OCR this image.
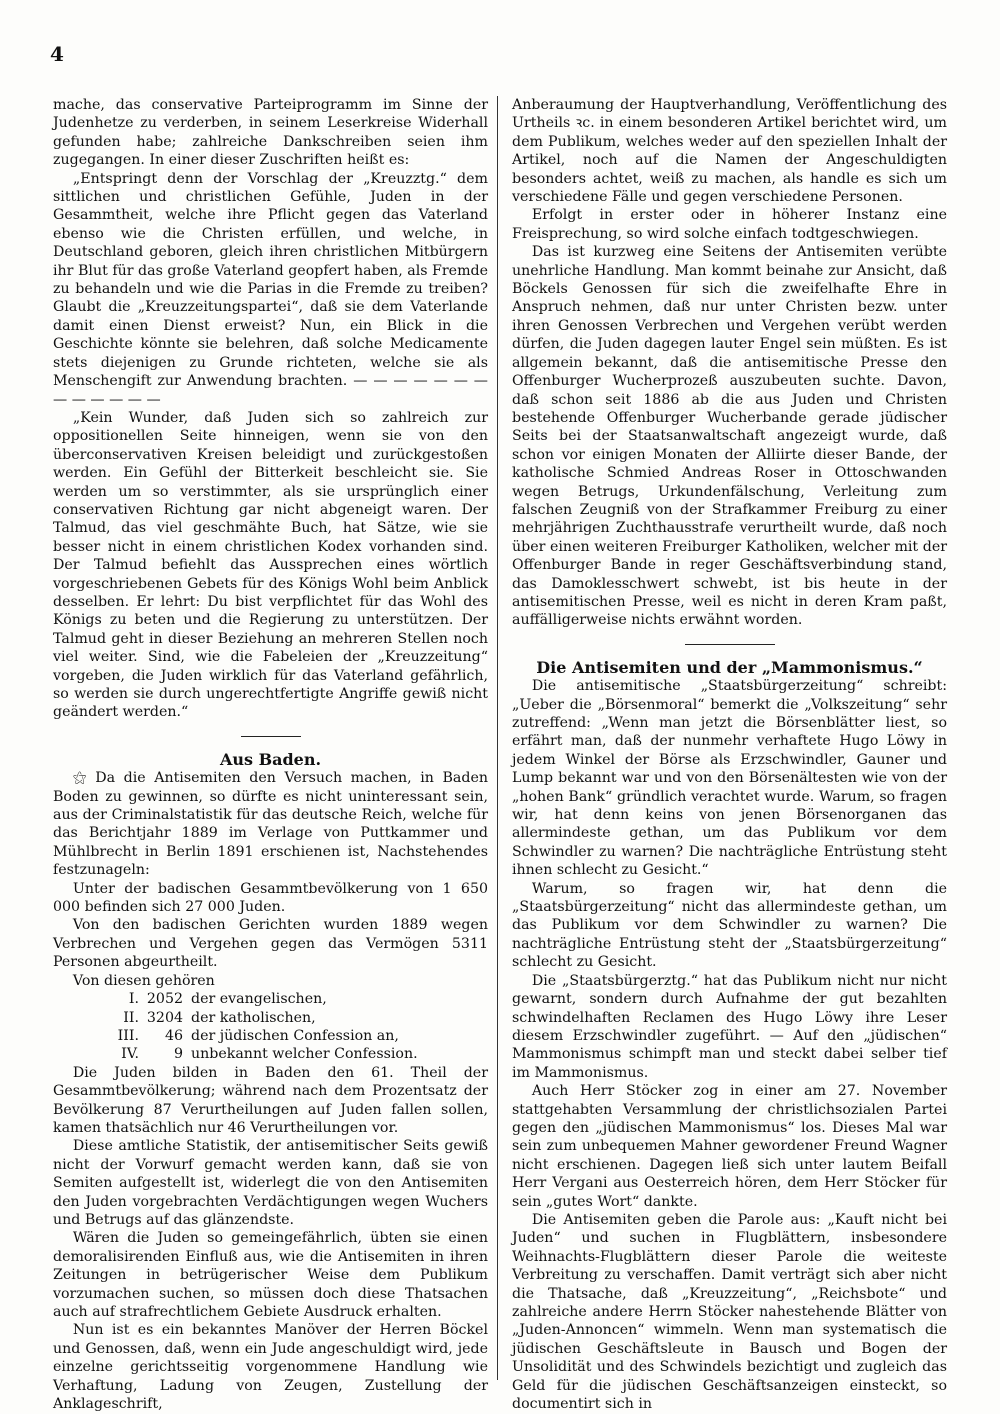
4

mache, das conservative Parteiprogramm im Sinne der Judenhetze zu verderben, in seinem Leserkreise Widerhall gefunden habe; zahlreiche Dankschreiben seien ihm zugegangen. In einer dieser Zuschriften heißt es:

„Entspringt denn der Vorschlag der „Kreuzztg.“ dem sittlichen und christlichen Gefühle, Juden in der Gesammtheit, welche ihre Pflicht gegen das Vaterland ebenso wie die Christen erfüllen, und welche, in Deutschland geboren, gleich ihren christlichen Mitbürgern ihr Blut für das große Vaterland geopfert haben, als Fremde zu behandeln und wie die Parias in die Fremde zu treiben? Glaubt die „Kreuzzeitungspartei“, daß sie dem Vaterlande damit einen Dienst erweist? Nun, ein Blick in die Geschichte könnte sie belehren, daß solche Medicamente stets diejenigen zu Grunde richteten, welche sie als Menschengift zur Anwendung brachten. — — — — — — — — — — — — —

„Kein Wunder, daß Juden sich so zahlreich zur oppositionellen Seite hinneigen, wenn sie von den überconservativen Kreisen beleidigt und zurückgestoßen werden. Ein Gefühl der Bitterkeit beschleicht sie. Sie werden um so verstimmter, als sie ursprünglich einer conservativen Richtung gar nicht abgeneigt waren. Der Talmud, das viel geschmähte Buch, hat Sätze, wie sie besser nicht in einem christlichen Kodex vorhanden sind. Der Talmud befiehlt das Aussprechen eines wörtlich vorgeschriebenen Gebets für des Königs Wohl beim Anblick desselben. Er lehrt: Du bist verpflichtet für das Wohl des Königs zu beten und die Regierung zu unterstützen. Der Talmud geht in dieser Beziehung an mehreren Stellen noch viel weiter. Sind, wie die Fabeleien der „Kreuzzeitung“ vorgeben, die Juden wirklich für das Vaterland gefährlich, so werden sie durch ungerechtfertigte Angriffe gewiß nicht geändert werden.“

Aus Baden.

⚝ Da die Antisemiten den Versuch machen, in Baden Boden zu gewinnen, so dürfte es nicht uninteressant sein, aus der Criminalstatistik für das deutsche Reich, welche für das Berichtjahr 1889 im Verlage von Puttkammer und Mühlbrecht in Berlin 1891 erschienen ist, Nachstehendes festzunageln:

Unter der badischen Gesammtbevölkerung von 1 650 000 befinden sich 27 000 Juden.

Von den badischen Gerichten wurden 1889 wegen Verbrechen und Vergehen gegen das Vermögen 5311 Personen abgeurtheilt.

Von diesen gehören

I. 2052 der evangelischen,
II. 3204 der katholischen,
III.	46 der jüdischen Confession an,
IV.	9 unbekannt welcher Confession.

Die Juden bilden in Baden den 61. Theil der Gesammtbevölkerung; während nach dem Prozentsatz der Bevölkerung 87 Verurtheilungen auf Juden fallen sollen, kamen thatsächlich nur 46 Verurtheilungen vor.

Diese amtliche Statistik, der antisemitischer Seits gewiß nicht der Vorwurf gemacht werden kann, daß sie von Semiten aufgestellt ist, widerlegt die von den Antisemiten den Juden vorgebrachten Verdächtigungen wegen Wuchers und Betrugs auf das glänzendste.

Wären die Juden so gemeingefährlich, übten sie einen demoralisirenden Einfluß aus, wie die Antisemiten in ihren Zeitungen in betrügerischer Weise dem Publikum vorzumachen suchen, so müssen doch diese Thatsachen auch auf strafrechtlichem Gebiete Ausdruck erhalten.

Nun ist es ein bekanntes Manöver der Herren Böckel und Genossen, daß, wenn ein Jude angeschuldigt wird, jede einzelne gerichtsseitig vorgenommene Handlung wie Verhaftung, Ladung von Zeugen, Zustellung der Anklageschrift,

Anberaumung der Hauptverhandlung, Veröffentlichung des Urtheils ꝛc. in einem besonderen Artikel berichtet wird, um dem Publikum, welches weder auf den speziellen Inhalt der Artikel, noch auf die Namen der Angeschuldigten besonders achtet, weiß zu machen, als handle es sich um verschiedene Fälle und gegen verschiedene Personen.

Erfolgt in erster oder in höherer Instanz eine Freisprechung, so wird solche einfach todtgeschwiegen.

Das ist kurzweg eine Seitens der Antisemiten verübte unehrliche Handlung. Man kommt beinahe zur Ansicht, daß Böckels Genossen für sich die zweifelhafte Ehre in Anspruch nehmen, daß nur unter Christen bezw. unter ihren Genossen Verbrechen und Vergehen verübt werden dürfen, die Juden dagegen lauter Engel sein müßten. Es ist allgemein bekannt, daß die antisemitische Presse den Offenburger Wucherprozeß auszubeuten suchte. Davon, daß schon seit 1886 ab die aus Juden und Christen bestehende Offenburger Wucherbande gerade jüdischer Seits bei der Staatsanwaltschaft angezeigt wurde, daß schon vor einigen Monaten der Alliirte dieser Bande, der katholische Schmied Andreas Roser in Ottoschwanden wegen Betrugs, Urkundenfälschung, Verleitung zum falschen Zeugniß von der Strafkammer Freiburg zu einer mehrjährigen Zuchthausstrafe verurtheilt wurde, daß noch über einen weiteren Freiburger Katholiken, welcher mit der Offenburger Bande in reger Geschäftsverbindung stand, das Damoklesschwert schwebt, ist bis heute in der antisemitischen Presse, weil es nicht in deren Kram paßt, auffälligerweise nichts erwähnt worden.

Die Antisemiten und der „Mammonismus.“

Die antisemitische „Staatsbürgerzeitung“ schreibt: „Ueber die „Börsenmoral“ bemerkt die „Volkszeitung“ sehr zutreffend: „Wenn man jetzt die Börsenblätter liest, so erfährt man, daß der nunmehr verhaftete Hugo Löwy in jedem Winkel der Börse als Erzschwindler, Gauner und Lump bekannt war und von den Börsenältesten wie von der „hohen Bank“ gründlich verachtet wurde. Warum, so fragen wir, hat denn keins von jenen Börsenorganen das allermindeste gethan, um das Publikum vor dem Schwindler zu warnen? Die nachträgliche Entrüstung steht ihnen schlecht zu Gesicht.“

Warum, so fragen wir, hat denn die „Staatsbürgerzeitung“ nicht das allermindeste gethan, um das Publikum vor dem Schwindler zu warnen? Die nachträgliche Entrüstung steht der „Staatsbürgerzeitung“ schlecht zu Gesicht.

Die „Staatsbürgerztg.“ hat das Publikum nicht nur nicht gewarnt, sondern durch Aufnahme der gut bezahlten schwindelhaften Reclamen des Hugo Löwy ihre Leser diesem Erzschwindler zugeführt. — Auf den „jüdischen“ Mammonismus schimpft man und steckt dabei selber tief im Mammonismus.

Auch Herr Stöcker zog in einer am 27. November stattgehabten Versammlung der christlichsozialen Partei gegen den „jüdischen Mammonismus“ los. Dieses Mal war sein zum unbequemen Mahner gewordener Freund Wagner nicht erschienen. Dagegen ließ sich unter lautem Beifall Herr Vergani aus Oesterreich hören, dem Herr Stöcker für sein „gutes Wort“ dankte.

Die Antisemiten geben die Parole aus: „Kauft nicht bei Juden“ und suchen in Flugblättern, insbesondere Weihnachts-Flugblättern dieser Parole die weiteste Verbreitung zu verschaffen. Damit verträgt sich aber nicht die Thatsache, daß „Kreuzzeitung“, „Reichsbote“ und zahlreiche andere Herrn Stöcker nahestehende Blätter von „Juden-Annoncen“ wimmeln. Wenn man systematisch die jüdischen Geschäftsleute in Bausch und Bogen der Unsolidität und des Schwindels bezichtigt und zugleich das Geld für die jüdischen Geschäftsanzeigen einsteckt, so documentirt sich in
